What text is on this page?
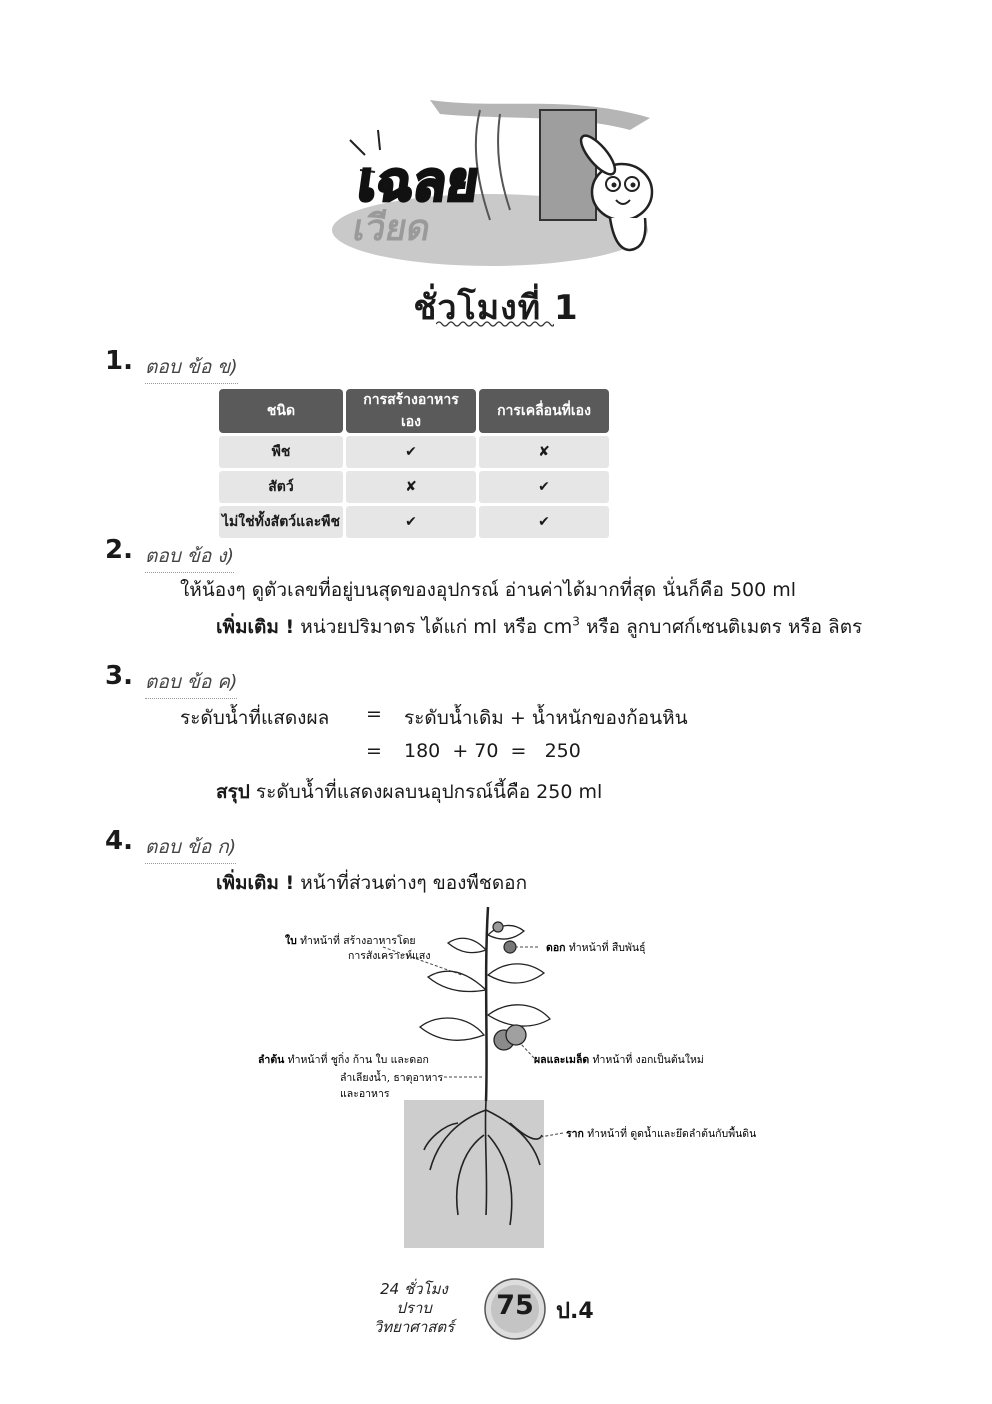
เฉลย
เวียด
ชั่วโมงที่ 1
1. ตอบ ข้อ ข)
ชนิด	การสร้างอาหารเอง	การเคลื่อนที่เอง
พืช	✔	✘
สัตว์	✘	✔
ไม่ใช่ทั้งสัตว์และพืช	✔	✔
2. ตอบ ข้อ ง)
ให้น้องๆ ดูตัวเลขที่อยู่บนสุดของอุปกรณ์ อ่านค่าได้มากที่สุด นั่นก็คือ 500 ml
เพิ่มเติม ! หน่วยปริมาตร ได้แก่ ml หรือ $cm^3$ หรือ ลูกบาศก์เซนติเมตร หรือ ลิตร
3. ตอบ ข้อ ค)
ระดับน้ำที่แสดงผล = ระดับน้ำเดิม + น้ำหนักของก้อนหิน
= 180  + 70  =   250
สรุป ระดับน้ำที่แสดงผลบนอุปกรณ์นี้คือ 250 ml
4. ตอบ ข้อ ก)
เพิ่มเติม ! หน้าที่ส่วนต่างๆ ของพืชดอก
ใบ ทำหน้าที่ สร้างอาหารโดย
การสังเคราะห์แสง
ดอก ทำหน้าที่ สืบพันธุ์
ลำต้น ทำหน้าที่ ชูกิ่ง ก้าน ใบ และดอก
ลำเลียงน้ำ, ธาตุอาหาร
และอาหาร
ผลและเมล็ด ทำหน้าที่ งอกเป็นต้นใหม่
ราก ทำหน้าที่ ดูดน้ำและยึดลำต้นกับพื้นดิน
24 ชั่วโมง
ปราบ
วิทยาศาสตร์
75	ป.4
